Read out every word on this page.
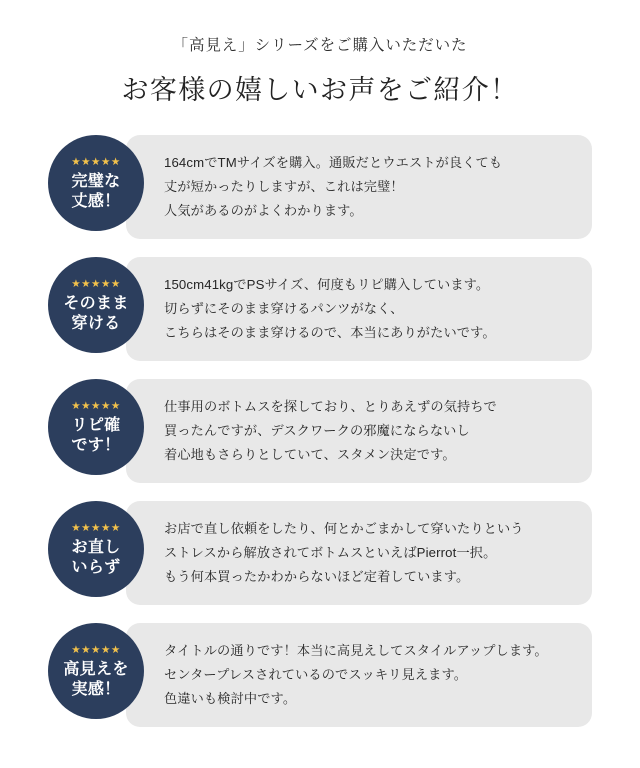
「高見え」シリーズをご購入いただいた
お客様の嬉しいお声をご紹介！
★★★★★
完璧な
丈感！

164cmでTMサイズを購入。通販だとウエストが良くても

丈が短かったりしますが、これは完璧！

人気があるのがよくわかります。

★★★★★
そのまま
穿ける

150cm41kgでPSサイズ、何度もリピ購入しています。

切らずにそのまま穿けるパンツがなく、

こちらはそのまま穿けるので、本当にありがたいです。

★★★★★
リピ確
です！

仕事用のボトムスを探しており、とりあえずの気持ちで

買ったんですが、デスクワークの邪魔にならないし

着心地もさらりとしていて、スタメン決定です。

★★★★★
お直し
いらず

お店で直し依頼をしたり、何とかごまかして穿いたりという

ストレスから解放されてボトムスといえばPierrot一択。

もう何本買ったかわからないほど定着しています。

★★★★★
高見えを
実感！

タイトルの通りです！本当に高見えしてスタイルアップします。

センタープレスされているのでスッキリ見えます。

色違いも検討中です。
